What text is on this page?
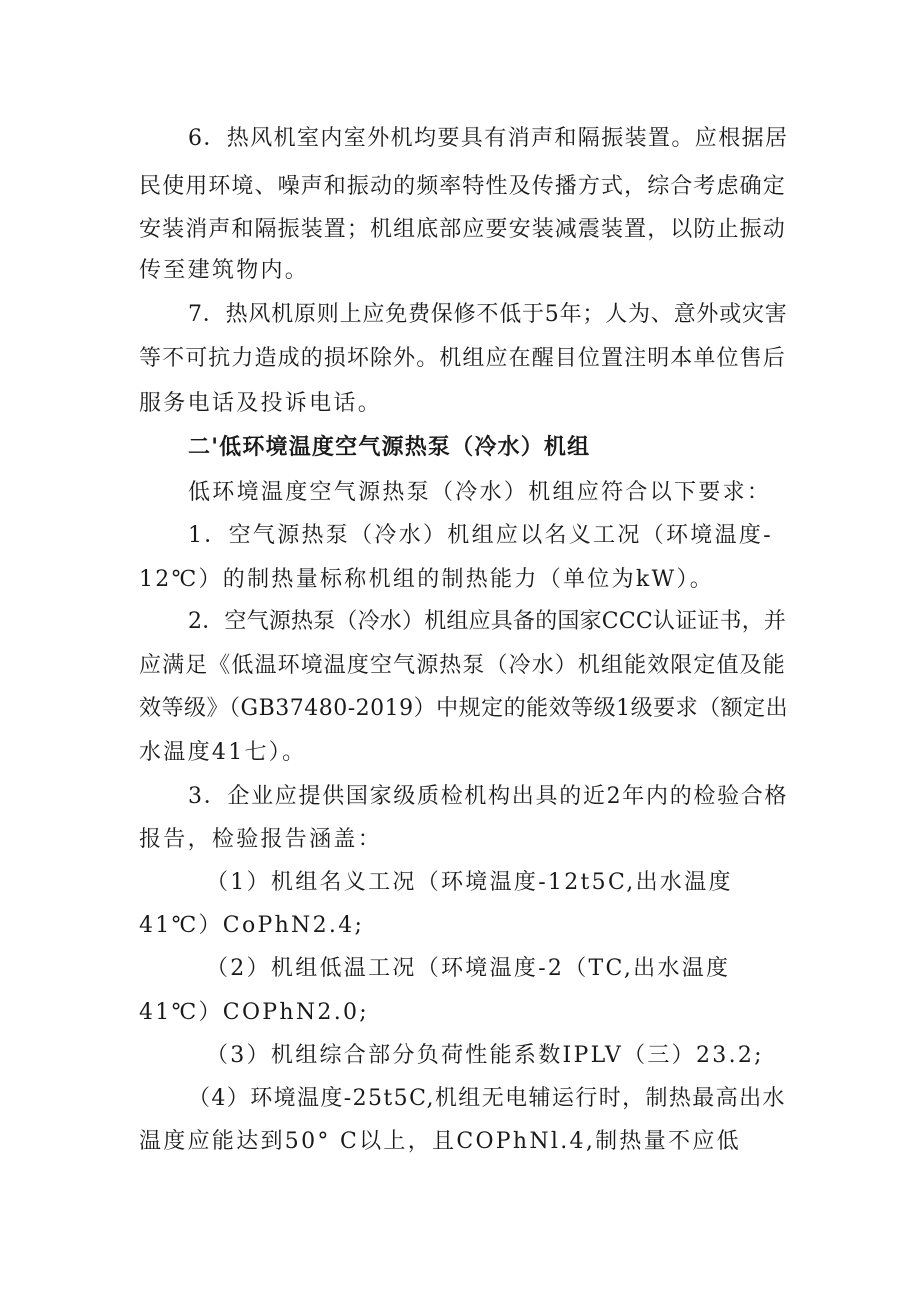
6．热风机室内室外机均要具有消声和隔振装置。应根据居
民使用环境、噪声和振动的频率特性及传播方式，综合考虑确定
安装消声和隔振装置；机组底部应要安装减震装置，以防止振动
传至建筑物内。
7．热风机原则上应免费保修不低于5年；人为、意外或灾害
等不可抗力造成的损坏除外。机组应在醒目位置注明本单位售后
服务电话及投诉电话。
二'低环境温度空气源热泵（冷水）机组
低环境温度空气源热泵（冷水）机组应符合以下要求：
1．空气源热泵（冷水）机组应以名义工况（环境温度-
12℃）的制热量标称机组的制热能力（单位为kW）。
2．空气源热泵（冷水）机组应具备的国家CCC认证证书，并
应满足《低温环境温度空气源热泵（冷水）机组能效限定值及能
效等级》（GB37480-2019）中规定的能效等级1级要求（额定出
水温度41七）。
3．企业应提供国家级质检机构出具的近2年内的检验合格
报告，检验报告涵盖：
（1）机组名义工况（环境温度-12t5C,出水温度
41℃）CoPhN2.4;
（2）机组低温工况（环境温度-2（TC,出水温度
41℃）COPhN2.0;
（3）机组综合部分负荷性能系数IPLV（三）23.2;
（4）环境温度-25t5C,机组无电辅运行时，制热最高出水
温度应能达到50° C以上，且COPhNl.4,制热量不应低
